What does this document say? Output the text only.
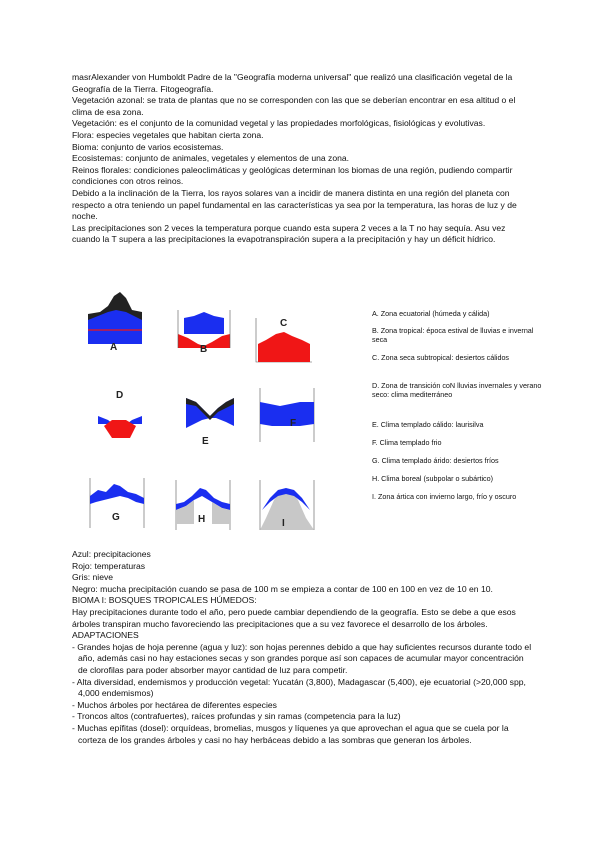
masrAlexander von Humboldt Padre de la "Geografía moderna universal" que realizó una clasificación vegetal de la Geografía de la Tierra. Fitogeografía.

Vegetación azonal: se trata de plantas que no se corresponden con las que se deberían encontrar en esa altitud o el clima de esa zona.

Vegetación: es el conjunto de la comunidad vegetal y las propiedades morfológicas, fisiológicas y evolutivas.

Flora: especies vegetales que habitan cierta zona.

Bioma: conjunto de varios ecosistemas.

Ecosistemas: conjunto de animales, vegetales y elementos de una zona.

Reinos florales: condiciones paleoclimáticas y geológicas determinan los biomas de una región, pudiendo compartir condiciones con otros reinos.

Debido a la inclinación de la Tierra, los rayos solares van a incidir de manera distinta en una región del planeta con respecto a otra teniendo un papel fundamental en las características ya sea por la temperatura, las horas de luz y de noche.

Las precipitaciones son 2 veces la temperatura porque cuando esta supera 2 veces a la T no hay sequía. Asu vez cuando la T supera a las precipitaciones la evapotranspiración supera a la precipitación y hay un déficit hídrico.

A	B
C
D
E
F
G	H	I
A. Zona ecuatorial (húmeda y cálida)
B. Zona tropical: época estival de lluvias e invernal seca
C. Zona seca subtropical: desiertos cálidos
D. Zona de transición coN lluvias invernales y verano seco: clima mediterráneo
E. Clima templado cálido: laurisilva
F. Clima templado frio
G. Clima templado árido: desiertos fríos
H. Clima boreal (subpolar o subártico)
I. Zona ártica con invierno largo, frío y oscuro

Azul: precipitaciones

Rojo: temperaturas

Gris: nieve

Negro: mucha precipitación cuando se pasa de 100 m se empieza a contar de 100 en 100 en vez de 10 en 10.

BIOMA I: BOSQUES TROPICALES HÚMEDOS:

Hay precipitaciones durante todo el año, pero puede cambiar dependiendo de la geografía. Esto se debe a que esos árboles transpiran mucho favoreciendo las precipitaciones que a su vez favorece el desarrollo de los árboles.

ADAPTACIONES

- Grandes hojas de hoja perenne (agua y luz): son hojas perennes debido a que hay suficientes recursos durante todo el año, además casi no hay estaciones secas y son grandes porque así son capaces de acumular mayor concentración de clorofilas para poder absorber mayor cantidad de luz para competir.

- Alta diversidad, endemismos y producción vegetal: Yucatán (3,800), Madagascar (5,400), eje ecuatorial (>20,000 spp, 4,000 endemismos)

- Muchos árboles por hectárea de diferentes especies

- Troncos altos (contrafuertes), raíces profundas y sin ramas (competencia para la luz)

- Muchas epífitas (dosel): orquídeas, bromelias, musgos y líquenes ya que aprovechan el agua que se cuela por la corteza de los grandes árboles y casi no hay herbáceas debido a las sombras que generan los árboles.
